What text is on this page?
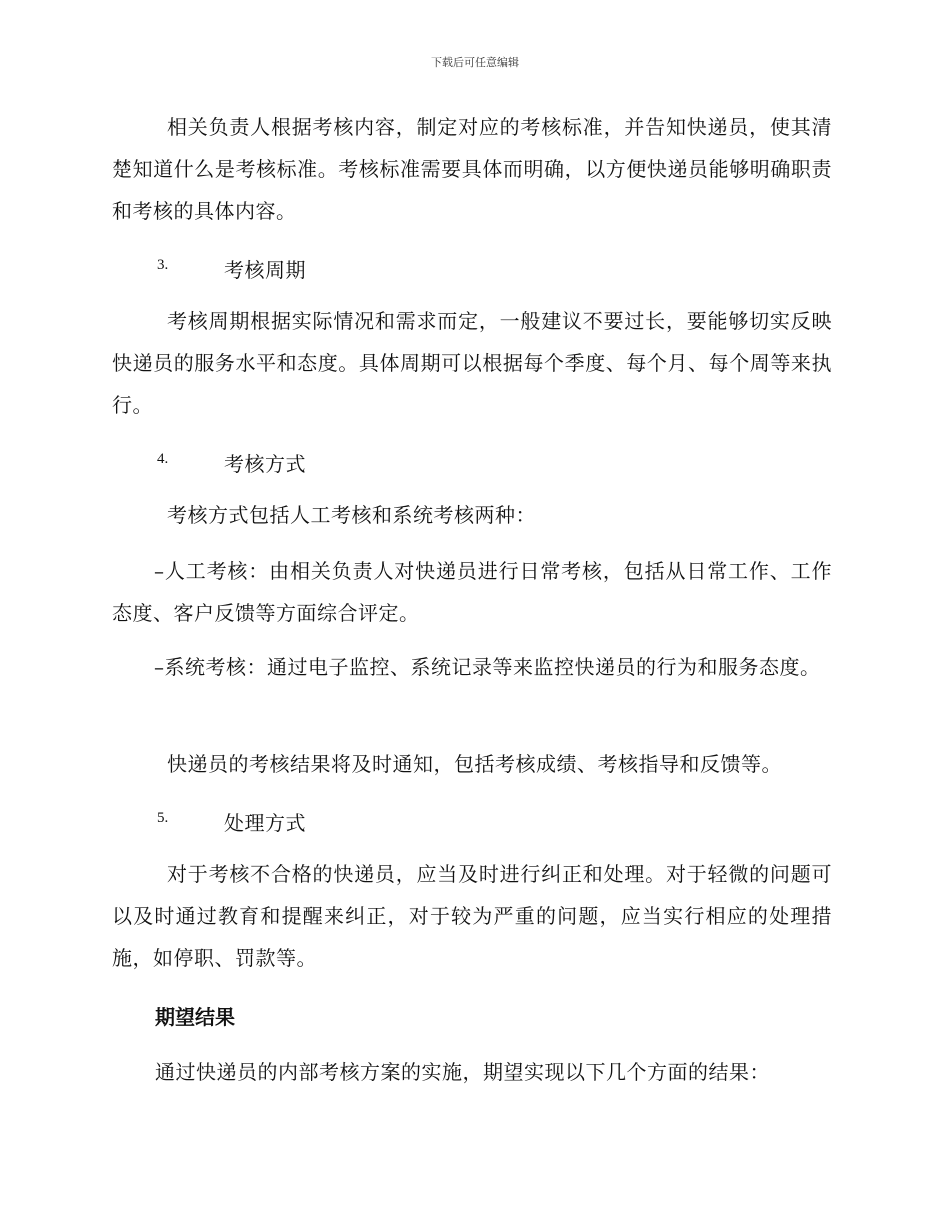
下载后可任意编辑
相关负责人根据考核内容，制定对应的考核标准，并告知快递员，使其清楚知道什么是考核标准。考核标准需要具体而明确，以方便快递员能够明确职责和考核的具体内容。
3.	考核周期
考核周期根据实际情况和需求而定，一般建议不要过长，要能够切实反映快递员的服务水平和态度。具体周期可以根据每个季度、每个月、每个周等来执行。
4.	考核方式
考核方式包括人工考核和系统考核两种：
–人工考核：由相关负责人对快递员进行日常考核，包括从日常工作、工作态度、客户反馈等方面综合评定。
–系统考核：通过电子监控、系统记录等来监控快递员的行为和服务态度。
快递员的考核结果将及时通知，包括考核成绩、考核指导和反馈等。
5.	处理方式
对于考核不合格的快递员，应当及时进行纠正和处理。对于轻微的问题可以及时通过教育和提醒来纠正，对于较为严重的问题，应当实行相应的处理措施，如停职、罚款等。
期望结果
通过快递员的内部考核方案的实施，期望实现以下几个方面的结果：
